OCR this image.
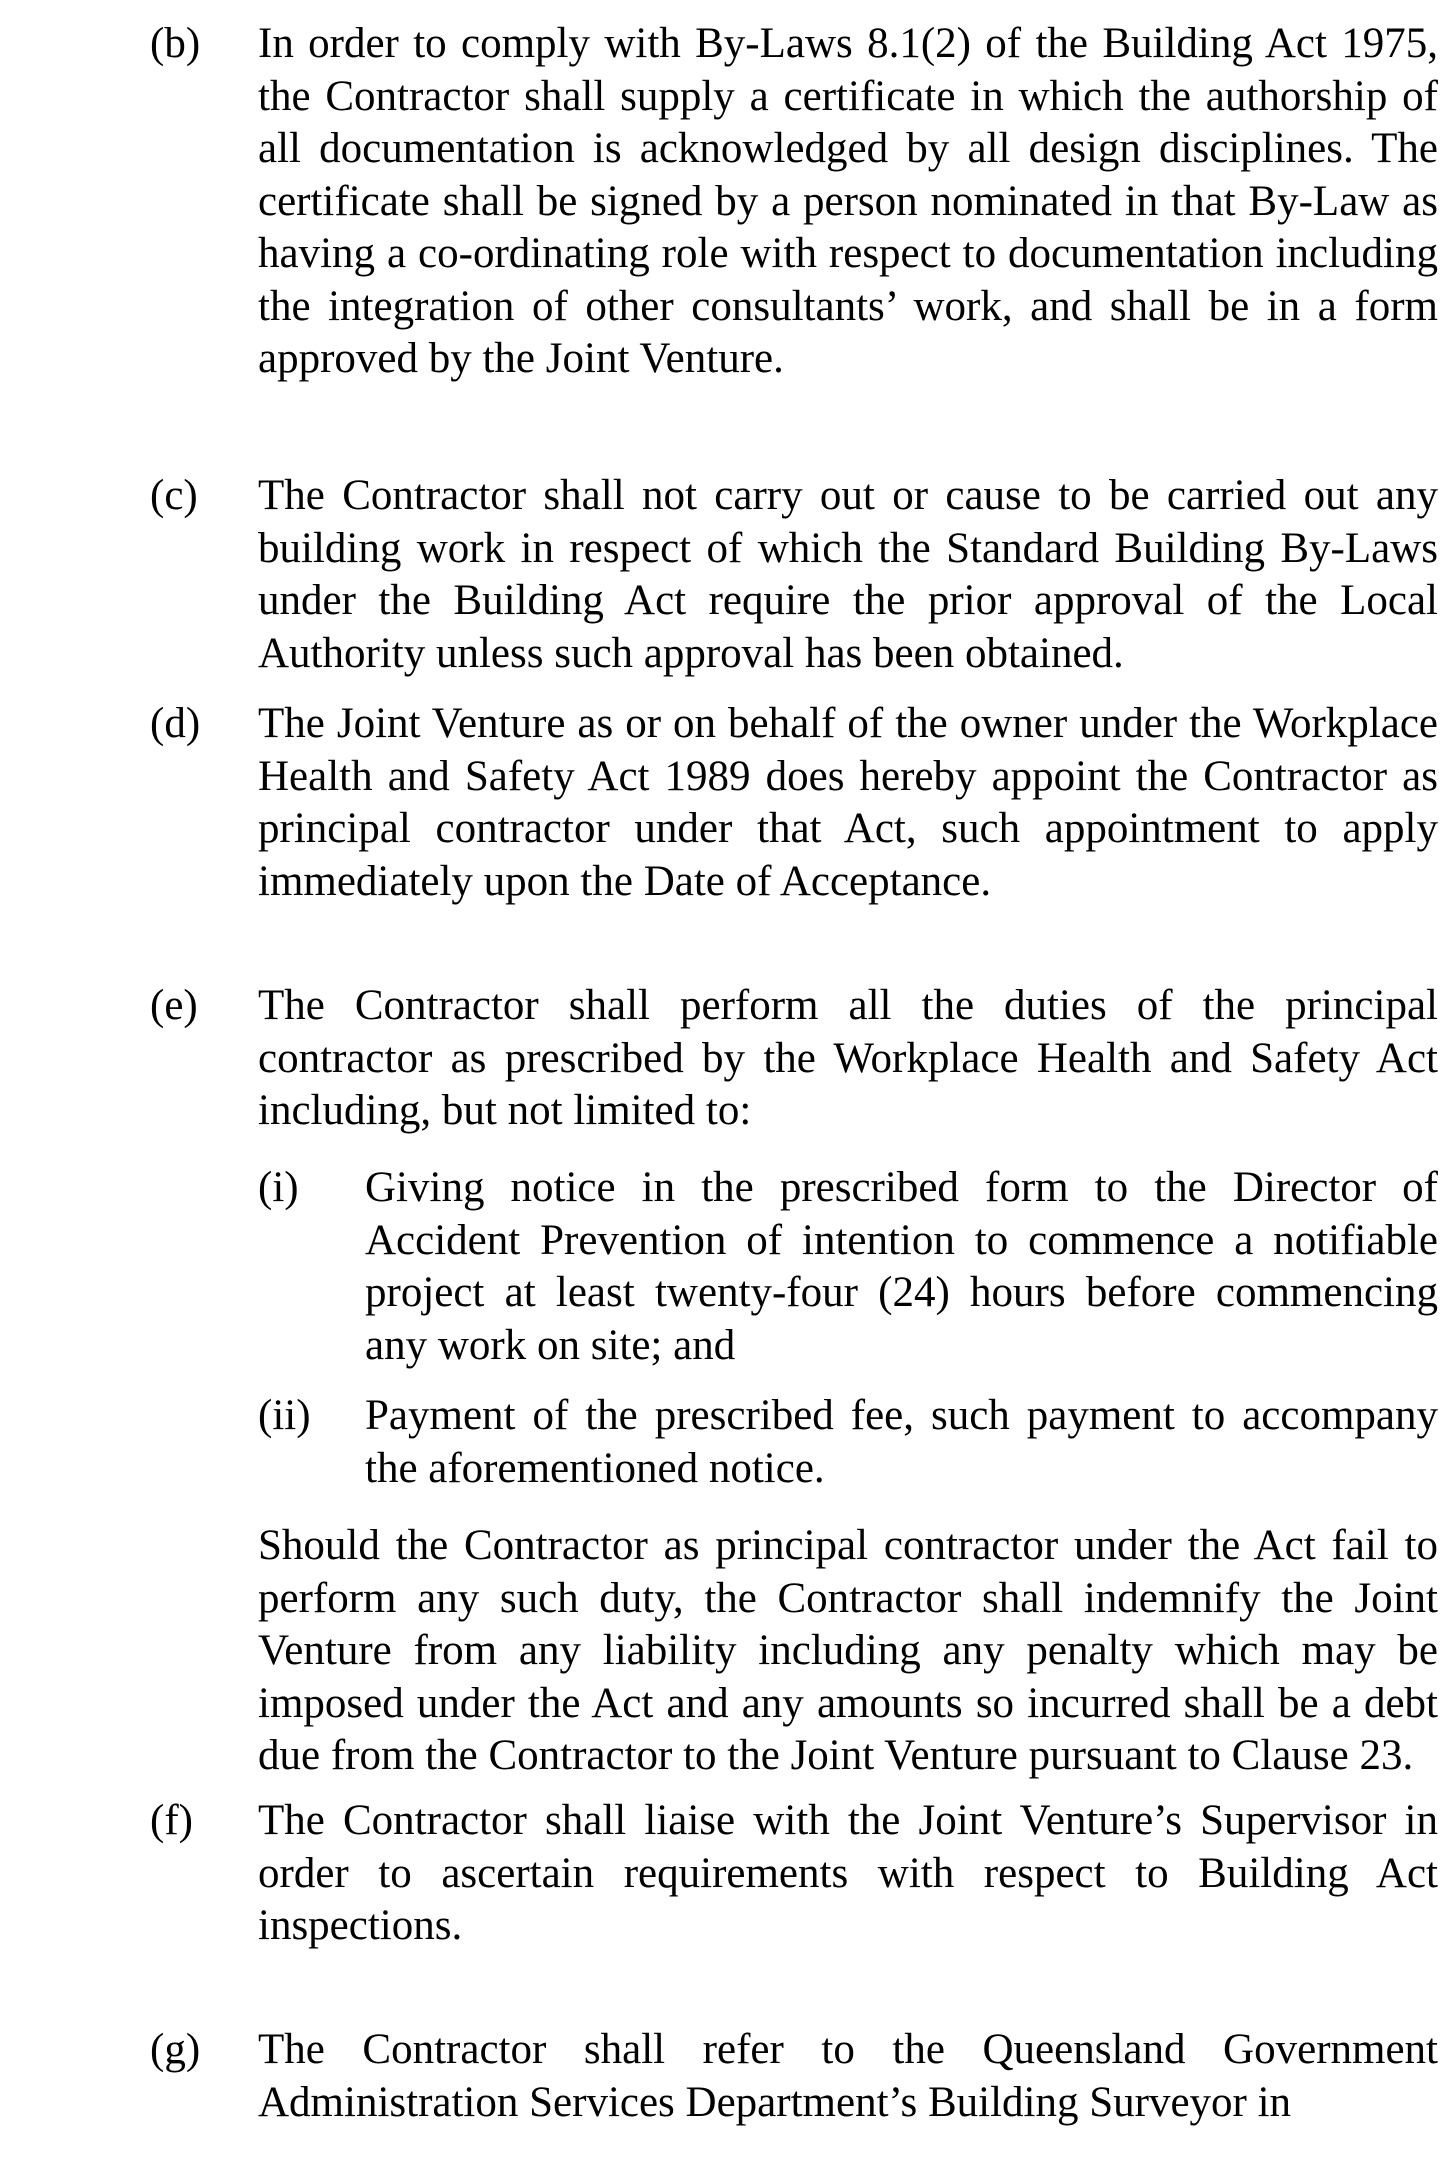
(b)	In order to comply with By-Laws 8.1(2) of the Building Act 1975, the Contractor shall supply a certificate in which the authorship of all documentation is acknowledged by all design disciplines. The certificate shall be signed by a person nominated in that By-Law as having a co-ordinating role with respect to documentation including the integration of other consultants’ work, and shall be in a form approved by the Joint Venture.
(c)	The Contractor shall not carry out or cause to be carried out any building work in respect of which the Standard Building By-Laws under the Building Act require the prior approval of the Local Authority unless such approval has been obtained.
(d)	The Joint Venture as or on behalf of the owner under the Workplace Health and Safety Act 1989 does hereby appoint the Contractor as principal contractor under that Act, such appointment to apply immediately upon the Date of Acceptance.
(e)	The Contractor shall perform all the duties of the principal contractor as prescribed by the Workplace Health and Safety Act including, but not limited to:
(i) Giving notice in the prescribed form to the Director of Accident Prevention of intention to commence a notifiable project at least twenty-four (24) hours before commencing any work on site; and
(ii) Payment of the prescribed fee, such payment to accompany the aforementioned notice.
Should the Contractor as principal contractor under the Act fail to perform any such duty, the Contractor shall indemnify the Joint Venture from any liability including any penalty which may be imposed under the Act and any amounts so incurred shall be a debt due from the Contractor to the Joint Venture pursuant to Clause 23.
(f)	The Contractor shall liaise with the Joint Venture’s Supervisor in order to ascertain requirements with respect to Building Act inspections.
(g)	The Contractor shall refer to the Queensland Government Administration Services Department’s Building Surveyor in
